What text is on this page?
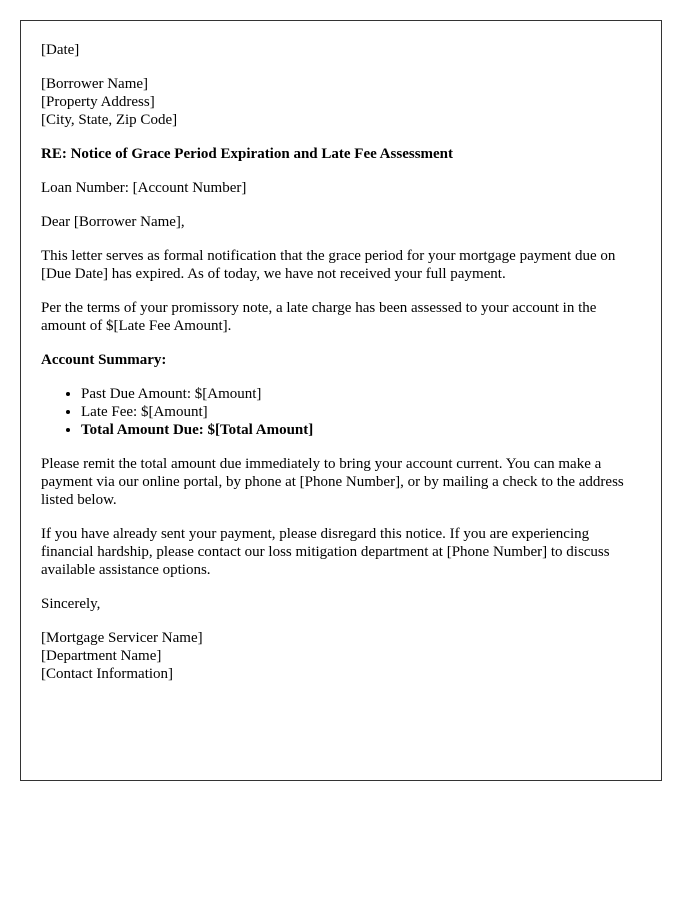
[Date]

[Borrower Name]
[Property Address]
[City, State, Zip Code]

RE: Notice of Grace Period Expiration and Late Fee Assessment

Loan Number: [Account Number]

Dear [Borrower Name],

This letter serves as formal notification that the grace period for your mortgage payment due on [Due Date] has expired. As of today, we have not received your full payment.

Per the terms of your promissory note, a late charge has been assessed to your account in the amount of $[Late Fee Amount].

Account Summary:

• Past Due Amount: $[Amount]
• Late Fee: $[Amount]
• Total Amount Due: $[Total Amount]

Please remit the total amount due immediately to bring your account current. You can make a payment via our online portal, by phone at [Phone Number], or by mailing a check to the address listed below.

If you have already sent your payment, please disregard this notice. If you are experiencing financial hardship, please contact our loss mitigation department at [Phone Number] to discuss available assistance options.

Sincerely,

[Mortgage Servicer Name]
[Department Name]
[Contact Information]
